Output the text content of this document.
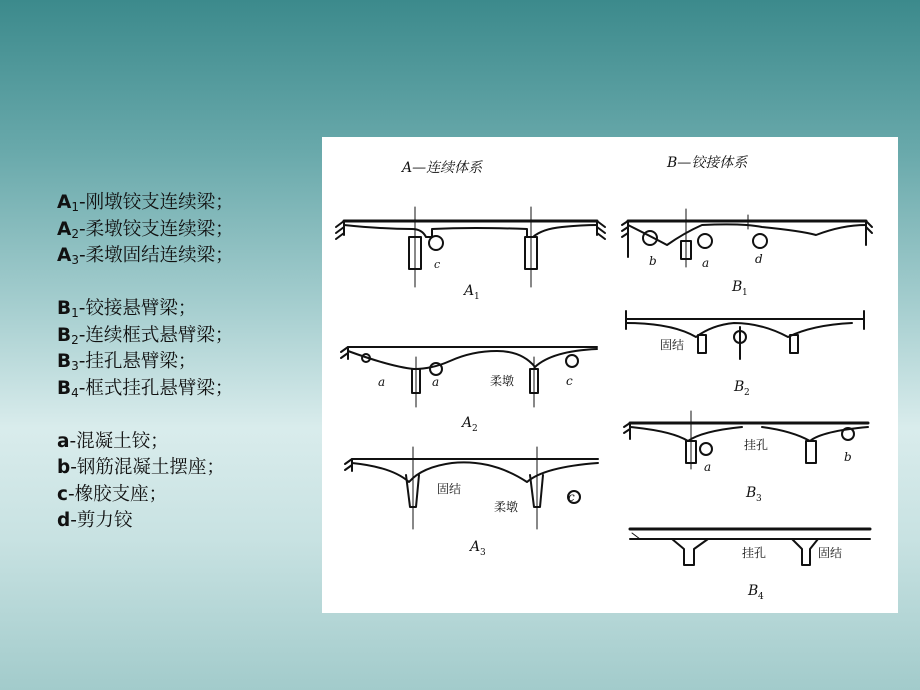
$A_1-$刚墩铰支连续梁；
$A_2-$柔墩铰支连续梁；
$A_3-$柔墩固结连续梁；
$B_1-$铰接悬臂梁；
$B_2-$连续框式悬臂梁；
$B_3-$挂孔悬臂梁；
$B_4-$框式挂孔悬臂梁；
a-混凝土铰；
b-钢筋混凝土摆座；
c-橡胶支座；
d-剪力铰
A—连续体系	B—铰接体系
c
A 1
a	a	柔墩	c
A 2
固结
柔墩
c
A 3
b	a	d
B 1
固结
B 2
挂孔
a
b
B 3
挂孔	固结
B 4
